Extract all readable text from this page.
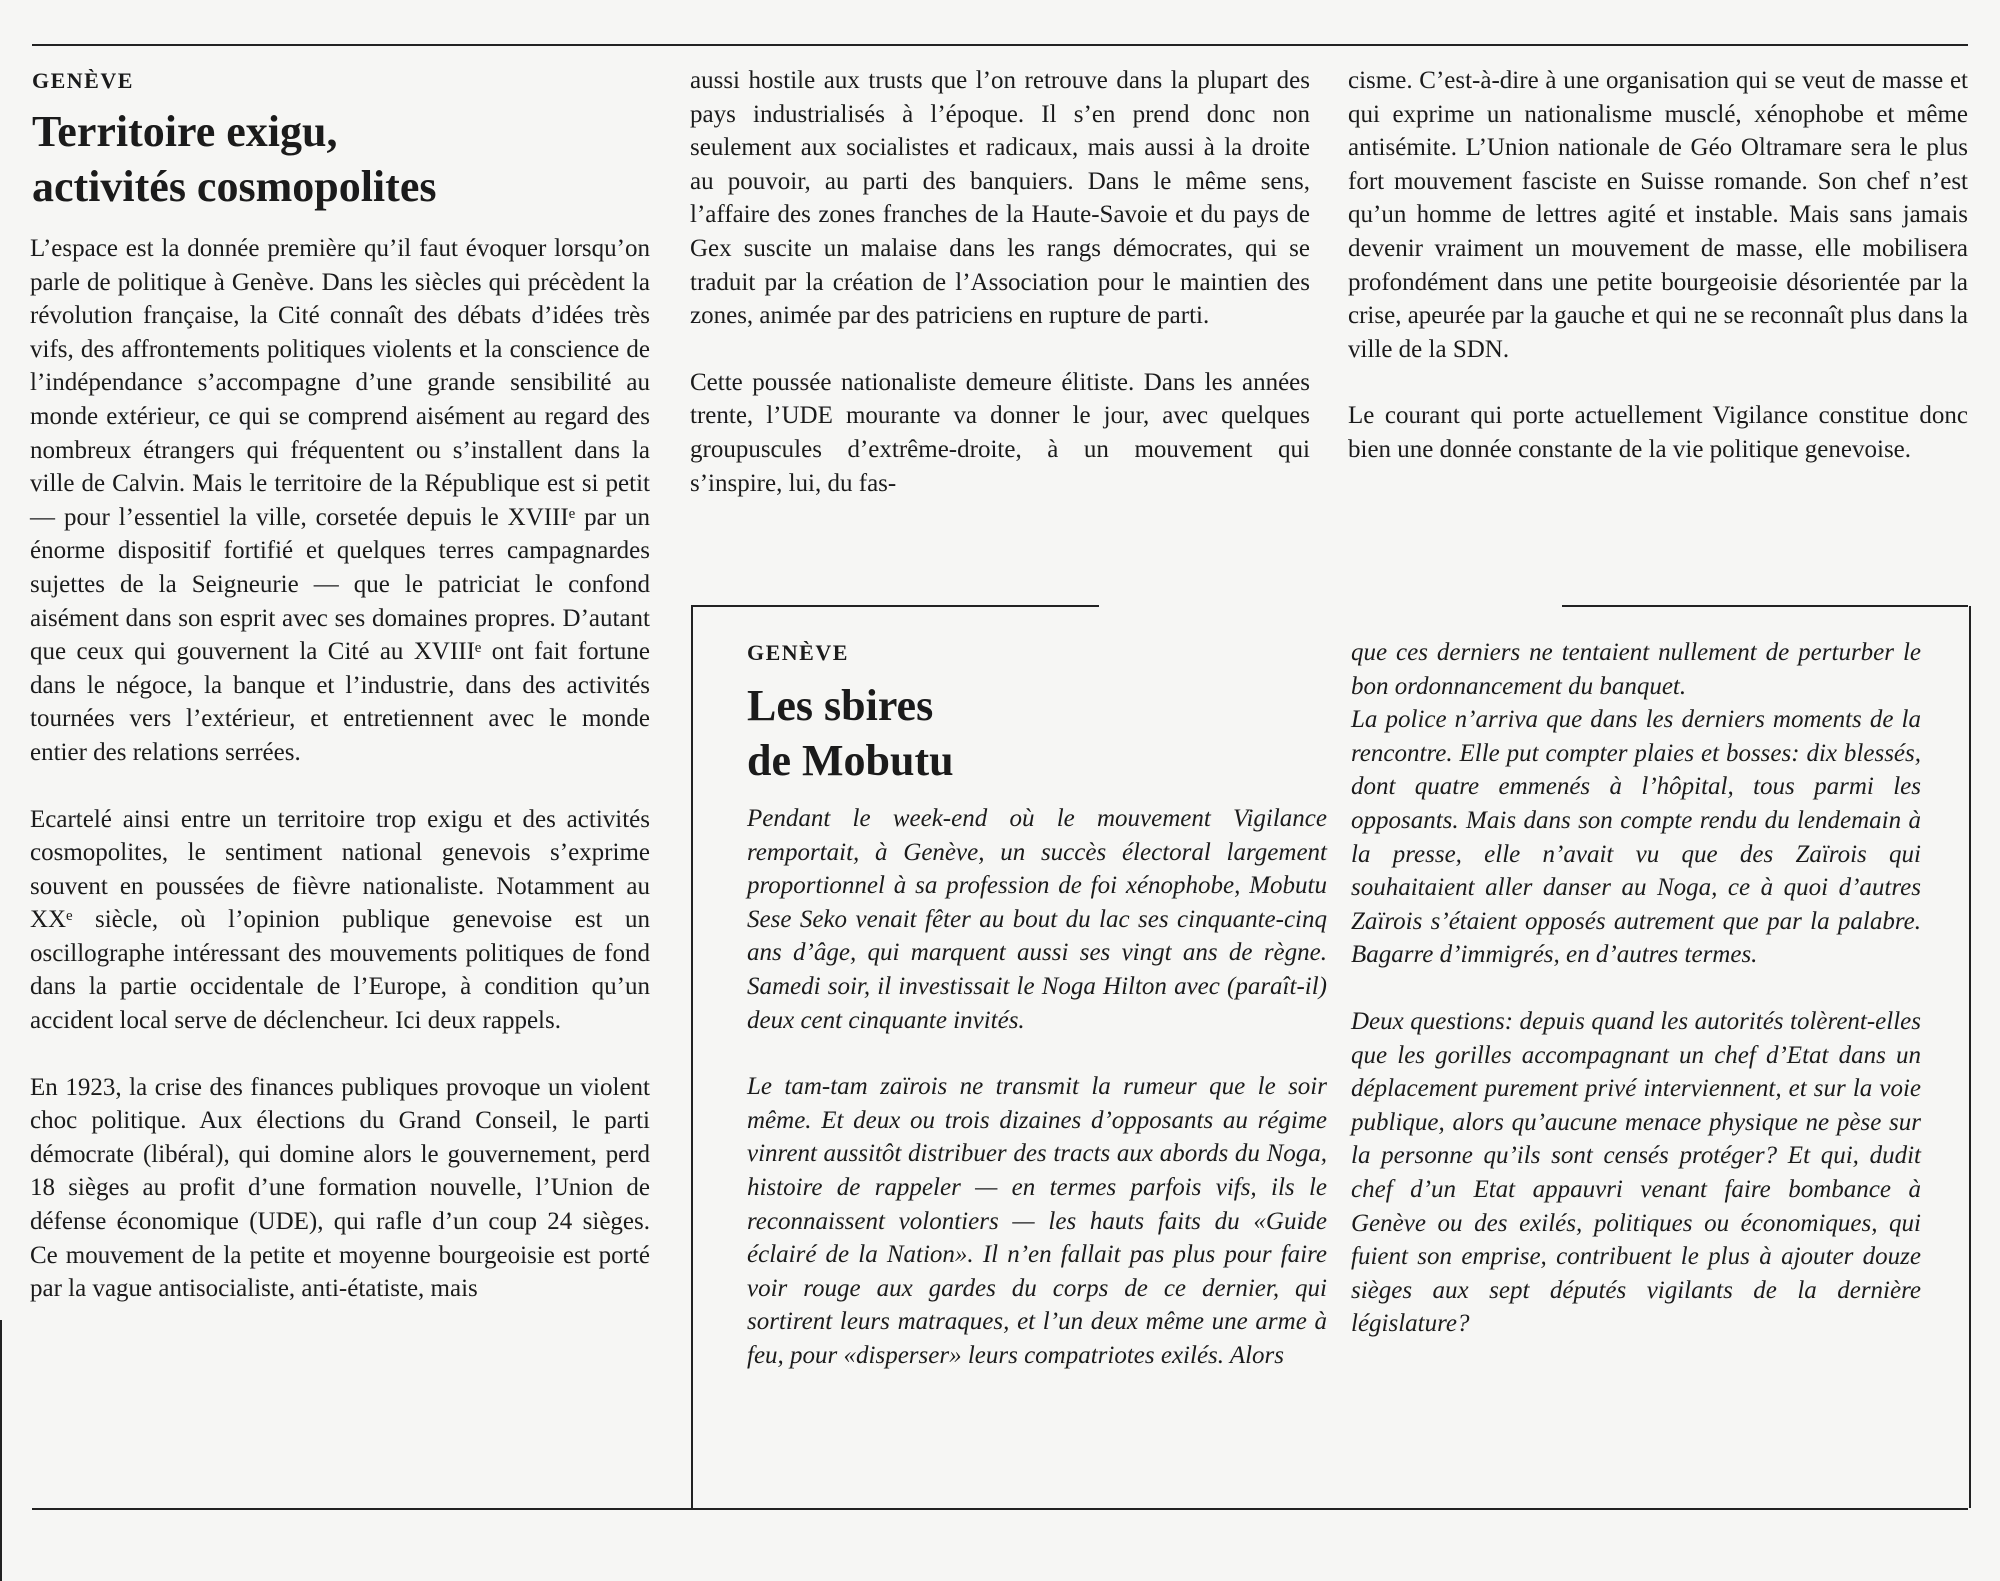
GENÈVE
Territoire exigu,
activités cosmopolites

L’espace est la donnée première qu’il faut évoquer lorsqu’on parle de politique à Genève. Dans les siècles qui précèdent la révolution française, la Cité connaît des débats d’idées très vifs, des affrontements politiques violents et la conscience de l’indépendance s’accompagne d’une grande sensibilité au monde extérieur, ce qui se comprend aisément au regard des nombreux étrangers qui fréquentent ou s’installent dans la ville de Calvin. Mais le territoire de la République est si petit — pour l’essentiel la ville, corsetée depuis le XVIIIᵉ par un énorme dispositif fortifié et quelques terres campagnardes sujettes de la Seigneurie — que le patriciat le confond aisément dans son esprit avec ses domaines propres. D’autant que ceux qui gouvernent la Cité au XVIIIᵉ ont fait fortune dans le négoce, la banque et l’industrie, dans des activités tournées vers l’extérieur, et entretiennent avec le monde entier des relations serrées.

Ecartelé ainsi entre un territoire trop exigu et des activités cosmopolites, le sentiment national genevois s’exprime souvent en poussées de fièvre nationaliste. Notamment au XXᵉ siècle, où l’opinion publique genevoise est un oscillographe intéressant des mouvements politiques de fond dans la partie occidentale de l’Europe, à condition qu’un accident local serve de déclencheur. Ici deux rappels.

En 1923, la crise des finances publiques provoque un violent choc politique. Aux élections du Grand Conseil, le parti démocrate (libéral), qui domine alors le gouvernement, perd 18 sièges au profit d’une formation nouvelle, l’Union de défense économique (UDE), qui rafle d’un coup 24 sièges. Ce mouvement de la petite et moyenne bourgeoisie est porté par la vague antisocialiste, anti-étatiste, mais

aussi hostile aux trusts que l’on retrouve dans la plupart des pays industrialisés à l’époque. Il s’en prend donc non seulement aux socialistes et radicaux, mais aussi à la droite au pouvoir, au parti des banquiers. Dans le même sens, l’affaire des zones franches de la Haute-Savoie et du pays de Gex suscite un malaise dans les rangs démocrates, qui se traduit par la création de l’Association pour le maintien des zones, animée par des patriciens en rupture de parti.

Cette poussée nationaliste demeure élitiste. Dans les années trente, l’UDE mourante va donner le jour, avec quelques groupuscules d’extrême-droite, à un mouvement qui s’inspire, lui, du fas-

cisme. C’est-à-dire à une organisation qui se veut de masse et qui exprime un nationalisme musclé, xénophobe et même antisémite. L’Union nationale de Géo Oltramare sera le plus fort mouvement fasciste en Suisse romande. Son chef n’est qu’un homme de lettres agité et instable. Mais sans jamais devenir vraiment un mouvement de masse, elle mobilisera profondément dans une petite bourgeoisie désorientée par la crise, apeurée par la gauche et qui ne se reconnaît plus dans la ville de la SDN.

Le courant qui porte actuellement Vigilance constitue donc bien une donnée constante de la vie politique genevoise.

GENÈVE
Les sbires
de Mobutu

Pendant le week-end où le mouvement Vigilance remportait, à Genève, un succès électoral largement proportionnel à sa profession de foi xénophobe, Mobutu Sese Seko venait fêter au bout du lac ses cinquante-cinq ans d’âge, qui marquent aussi ses vingt ans de règne. Samedi soir, il investissait le Noga Hilton avec (paraît-il) deux cent cinquante invités.

Le tam-tam zaïrois ne transmit la rumeur que le soir même. Et deux ou trois dizaines d’opposants au régime vinrent aussitôt distribuer des tracts aux abords du Noga, histoire de rappeler — en termes parfois vifs, ils le reconnaissent volontiers — les hauts faits du «Guide éclairé de la Nation». Il n’en fallait pas plus pour faire voir rouge aux gardes du corps de ce dernier, qui sortirent leurs matraques, et l’un deux même une arme à feu, pour «disperser» leurs compatriotes exilés. Alors

que ces derniers ne tentaient nullement de perturber le bon ordonnancement du banquet.

La police n’arriva que dans les derniers moments de la rencontre. Elle put compter plaies et bosses: dix blessés, dont quatre emmenés à l’hôpital, tous parmi les opposants. Mais dans son compte rendu du lendemain à la presse, elle n’avait vu que des Zaïrois qui souhaitaient aller danser au Noga, ce à quoi d’autres Zaïrois s’étaient opposés autrement que par la palabre. Bagarre d’immigrés, en d’autres termes.

Deux questions: depuis quand les autorités tolèrent-elles que les gorilles accompagnant un chef d’Etat dans un déplacement purement privé interviennent, et sur la voie publique, alors qu’aucune menace physique ne pèse sur la personne qu’ils sont censés protéger? Et qui, dudit chef d’un Etat appauvri venant faire bombance à Genève ou des exilés, politiques ou économiques, qui fuient son emprise, contribuent le plus à ajouter douze sièges aux sept députés vigilants de la dernière législature?
